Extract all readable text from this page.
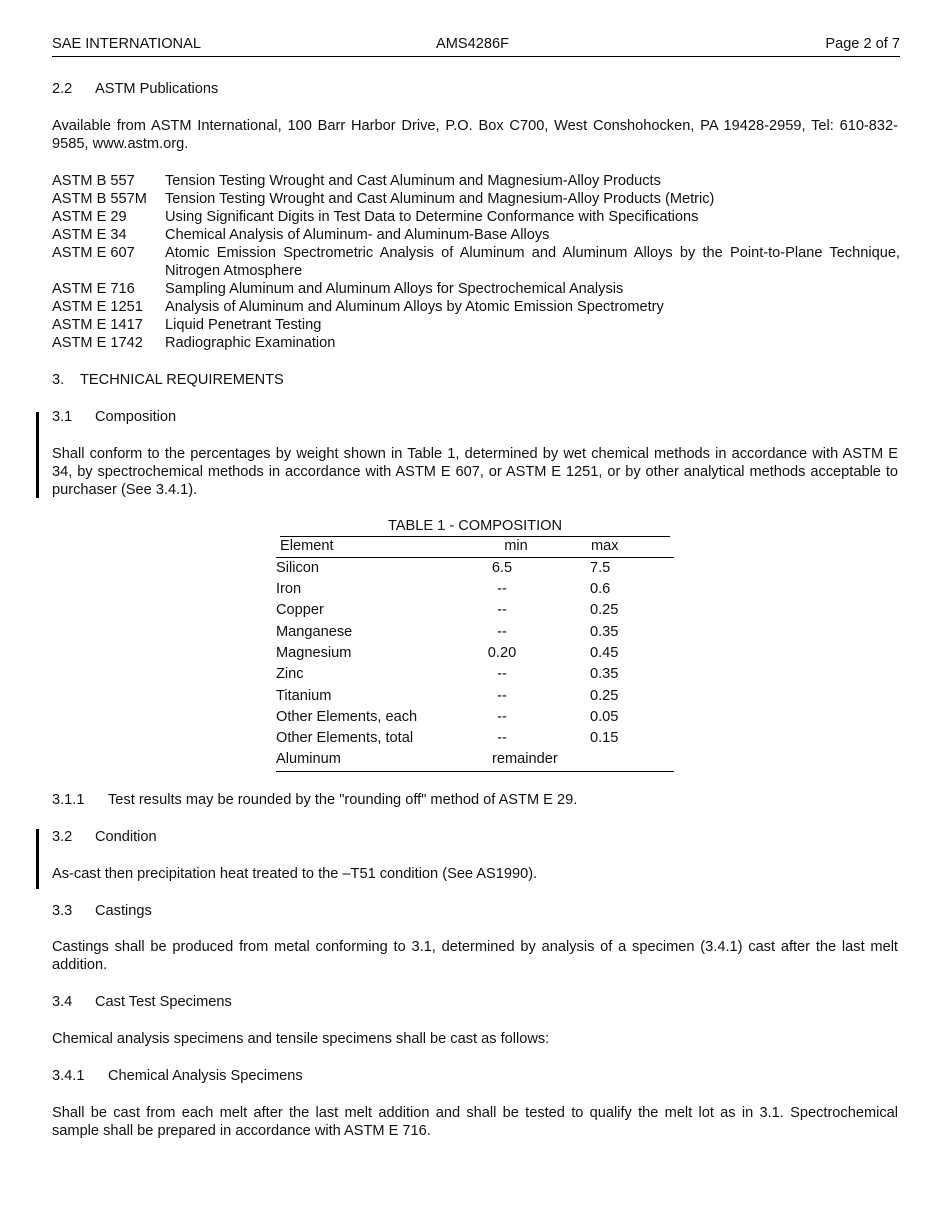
SAE INTERNATIONAL	AMS4286F	Page 2 of 7
2.2 ASTM Publications
Available from ASTM International, 100 Barr Harbor Drive, P.O. Box C700, West Conshohocken, PA 19428-2959, Tel: 610-832-9585, www.astm.org.
ASTM B 557 Tension Testing Wrought and Cast Aluminum and Magnesium-Alloy Products
ASTM B 557M Tension Testing Wrought and Cast Aluminum and Magnesium-Alloy Products (Metric)
ASTM E 29	Using Significant Digits in Test Data to Determine Conformance with Specifications
ASTM E 34	Chemical Analysis of Aluminum- and Aluminum-Base Alloys
ASTM E 607 Atomic Emission Spectrometric Analysis of Aluminum and Aluminum Alloys by the Point-to-Plane Technique, Nitrogen Atmosphere
ASTM E 716 Sampling Aluminum and Aluminum Alloys for Spectrochemical Analysis
ASTM E 1251 Analysis of Aluminum and Aluminum Alloys by Atomic Emission Spectrometry
ASTM E 1417 Liquid Penetrant Testing
ASTM E 1742 Radiographic Examination
3. TECHNICAL REQUIREMENTS
3.1 Composition
Shall conform to the percentages by weight shown in Table 1, determined by wet chemical methods in accordance with ASTM E 34, by spectrochemical methods in accordance with ASTM E 607, or ASTM E 1251, or by other analytical methods acceptable to purchaser (See 3.4.1).
TABLE 1 - COMPOSITION
Element	min	max
Silicon	6.5	7.5
Iron	--	0.6
Copper	--	0.25
Manganese	--	0.35
Magnesium	0.20	0.45
Zinc	--	0.35
Titanium	--	0.25
Other Elements, each	--	0.05
Other Elements, total	--	0.15
Aluminum	remainder
3.1.1 Test results may be rounded by the "rounding off" method of ASTM E 29.
3.2 Condition
As-cast then precipitation heat treated to the –T51 condition (See AS1990).
3.3 Castings
Castings shall be produced from metal conforming to 3.1, determined by analysis of a specimen (3.4.1) cast after the last melt addition.
3.4 Cast Test Specimens
Chemical analysis specimens and tensile specimens shall be cast as follows:
3.4.1 Chemical Analysis Specimens
Shall be cast from each melt after the last melt addition and shall be tested to qualify the melt lot as in 3.1. Spectrochemical sample shall be prepared in accordance with ASTM E 716.
